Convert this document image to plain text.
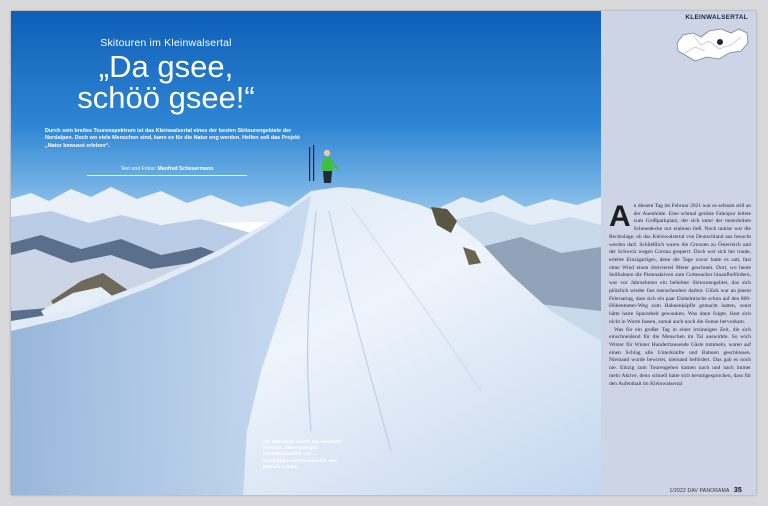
Skitouren im Kleinwalsertal
„Da gsee,
schöö gsee!“
Durch sein breites Tourenspektrum ist das Kleinwalsertal eines der besten Skitourengebiete der Nordalpen. Doch wo viele Menschen sind, kann es für die Natur eng werden. Helfen soll das Projekt „Natur bewusst erleben“.
Text und Fotos: Manfred Scheuermann
Am Hählekopf schafft das bewährte Konzept „Skibergsteigen umweltfreundlich“ ein funktionierendes Miteinander von Mensch & Natur.
KLEINWALSERTAL

An diesem Tag im Februar 2021 war es seltsam still an der Auenhütte. Eine schmal geräste Fahrspur leitete zum Großparkplatz, der sich unter der meterhohen Schneedecke nur erahnen ließ. Noch unklar war die Rechtslage, ob das Kleinwalsertal von Deutschland aus besucht werden darf. Schließlich waren die Grenzen zu Österreich und der Schweiz wegen Corona gesperrt. Doch wer sich her traute, erlebte Einzigartiges, denn die Tage zuvor hatte es satt, fast ohne Wind einen dreiviertel Meter geschneit. Dort, wo heute Seilbahnen die Pistenaktiven zum Gottesacker hinaufbefördern, war vor Jahrzehnten ein beliebter Skitourengebiet, das sich plötzlich wieder fast menschenleer darbot. Glück war an jenem Februartag, dass sich ein paar Einheimische schon auf den 800-Höhenmeter-Weg zum Hahnenköpfle gemacht hatten, sonst hätte harte Spurarbeit gewunken. Was dann folgte, lässt sich nicht in Worte fassen, zumal auch noch die Sonne hervorkam.

Was für ein großer Tag in einer irrsinnigen Zeit, die sich einschneidend für die Menschen im Tal auswirkte. So wich Winter für Winter Hunderttausende Gäste tummeln, waren auf einen Schlag alle Unterkünfte und Bahnen geschlossen. Niemand wurde bewirtet, niemand befördert. Das gab es noch nie. Einzig zum Tourengehen kamen nach und nach immer mehr Aktive, denn schnell hatte sich herumgesprochen, dass für den Aufenthalt im Kleinwalsertal

1/2022 DAV PANORAMA 35
